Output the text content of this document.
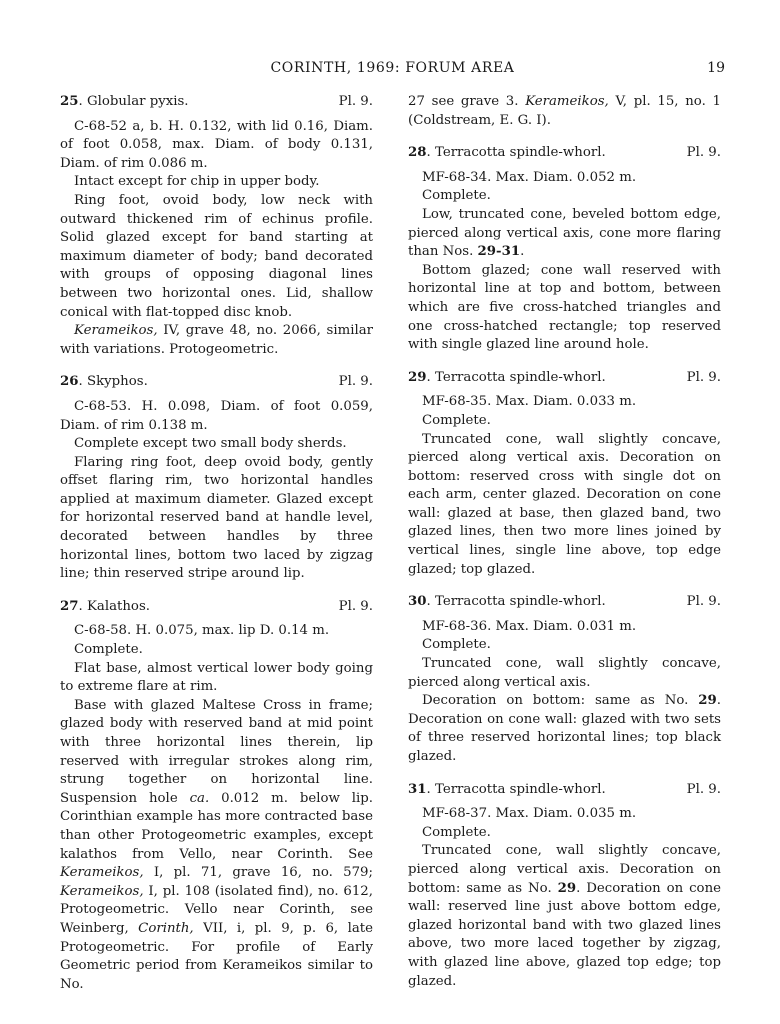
CORINTH, 1969: FORUM AREA	19
25. Globular pyxis.	Pl. 9.

C-68-52 a, b. H. 0.132, with lid 0.16, Diam. of foot 0.058, max. Diam. of body 0.131, Diam. of rim 0.086 m.

Intact except for chip in upper body.

Ring foot, ovoid body, low neck with outward thickened rim of echinus profile. Solid glazed except for band starting at maximum diameter of body; band decorated with groups of opposing diagonal lines between two horizontal ones. Lid, shallow conical with flat-topped disc knob.

Kerameikos, IV, grave 48, no. 2066, similar with variations. Protogeometric.

26. Skyphos.	Pl. 9.

C-68-53. H. 0.098, Diam. of foot 0.059, Diam. of rim 0.138 m.

Complete except two small body sherds.

Flaring ring foot, deep ovoid body, gently offset flaring rim, two horizontal handles applied at maximum diameter. Glazed except for horizontal reserved band at handle level, decorated between handles by three horizontal lines, bottom two laced by zigzag line; thin reserved stripe around lip.

27. Kalathos.	Pl. 9.

C-68-58. H. 0.075, max. lip D. 0.14 m.

Complete.

Flat base, almost vertical lower body going to extreme flare at rim.

Base with glazed Maltese Cross in frame; glazed body with reserved band at mid point with three horizontal lines therein, lip reserved with irregular strokes along rim, strung together on horizontal line. Suspension hole ca. 0.012 m. below lip. Corinthian example has more contracted base than other Protogeometric examples, except kalathos from Vello, near Corinth. See Kerameikos, I, pl. 71, grave 16, no. 579; Kerameikos, I, pl. 108 (isolated find), no. 612, Protogeometric. Vello near Corinth, see Weinberg, Corinth, VII, i, pl. 9, p. 6, late Protogeometric. For profile of Early Geometric period from Kerameikos similar to No.

27 see grave 3. Kerameikos, V, pl. 15, no. 1 (Coldstream, E. G. I).

28. Terracotta spindle-whorl.	Pl. 9.

MF-68-34. Max. Diam. 0.052 m.

Complete.

Low, truncated cone, beveled bottom edge, pierced along vertical axis, cone more flaring than Nos. 29-31.

Bottom glazed; cone wall reserved with horizontal line at top and bottom, between which are five cross-hatched triangles and one cross-hatched rectangle; top reserved with single glazed line around hole.

29. Terracotta spindle-whorl.	Pl. 9.

MF-68-35. Max. Diam. 0.033 m.

Complete.

Truncated cone, wall slightly concave, pierced along vertical axis. Decoration on bottom: reserved cross with single dot on each arm, center glazed. Decoration on cone wall: glazed at base, then glazed band, two glazed lines, then two more lines joined by vertical lines, single line above, top edge glazed; top glazed.

30. Terracotta spindle-whorl.	Pl. 9.

MF-68-36. Max. Diam. 0.031 m.

Complete.

Truncated cone, wall slightly concave, pierced along vertical axis.

Decoration on bottom: same as No. 29. Decoration on cone wall: glazed with two sets of three reserved horizontal lines; top black glazed.

31. Terracotta spindle-whorl.	Pl. 9.

MF-68-37. Max. Diam. 0.035 m.

Complete.

Truncated cone, wall slightly concave, pierced along vertical axis. Decoration on bottom: same as No. 29. Decoration on cone wall: reserved line just above bottom edge, glazed horizontal band with two glazed lines above, two more laced together by zigzag, with glazed line above, glazed top edge; top glazed.
